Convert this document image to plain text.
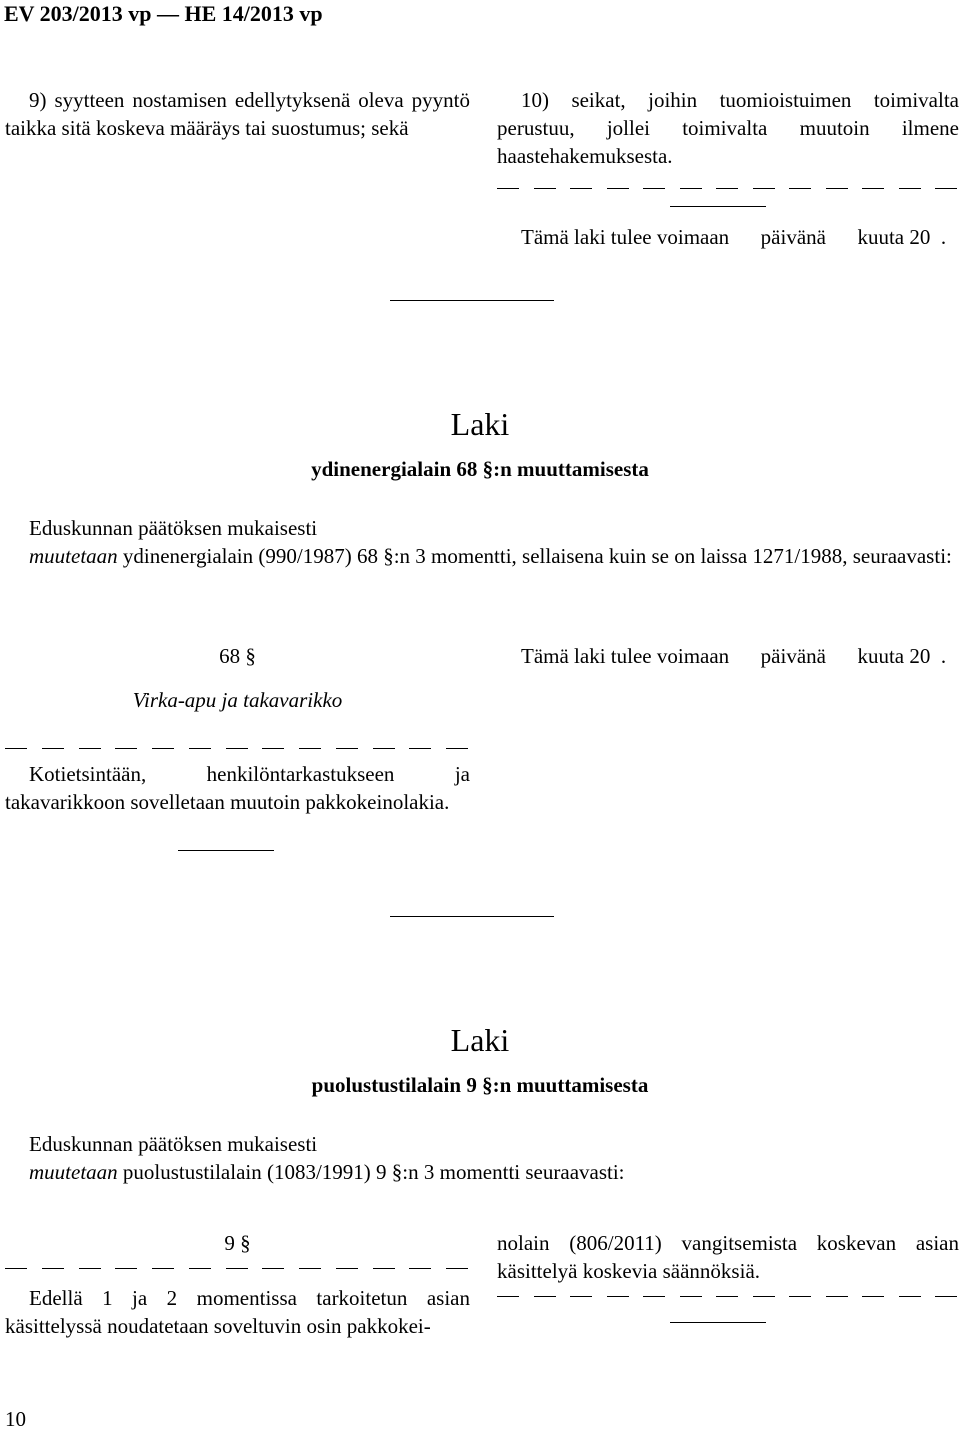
EV 203/2013 vp — HE 14/2013 vp
9) syytteen nostamisen edellytyksenä oleva pyyntö taikka sitä koskeva määräys tai suostumus; sekä
10) seikat, joihin tuomioistuimen toimivalta perustuu, jollei toimivalta muutoin ilmene haastehakemuksesta.
Tämä laki tulee voimaan      päivänä      kuuta 20  .
Laki
ydinenergialain 68 §:n muuttamisesta
Eduskunnan päätöksen mukaisesti
muutetaan ydinenergialain (990/1987) 68 §:n 3 momentti, sellaisena kuin se on laissa 1271/1988, seuraavasti:
68 §
Virka-apu ja takavarikko
Kotietsintään, henkilöntarkastukseen ja takavarikkoon sovelletaan muutoin pakkokeinolakia.
Tämä laki tulee voimaan      päivänä      kuuta 20  .
Laki
puolustustilalain 9 §:n muuttamisesta
Eduskunnan päätöksen mukaisesti
muutetaan puolustustilalain (1083/1991) 9 §:n 3 momentti seuraavasti:
9 §
Edellä 1 ja 2 momentissa tarkoitetun asian käsittelyssä noudatetaan soveltuvin osin pakkokei-
nolain (806/2011) vangitsemista koskevan asian käsittelyä koskevia säännöksiä.
10
